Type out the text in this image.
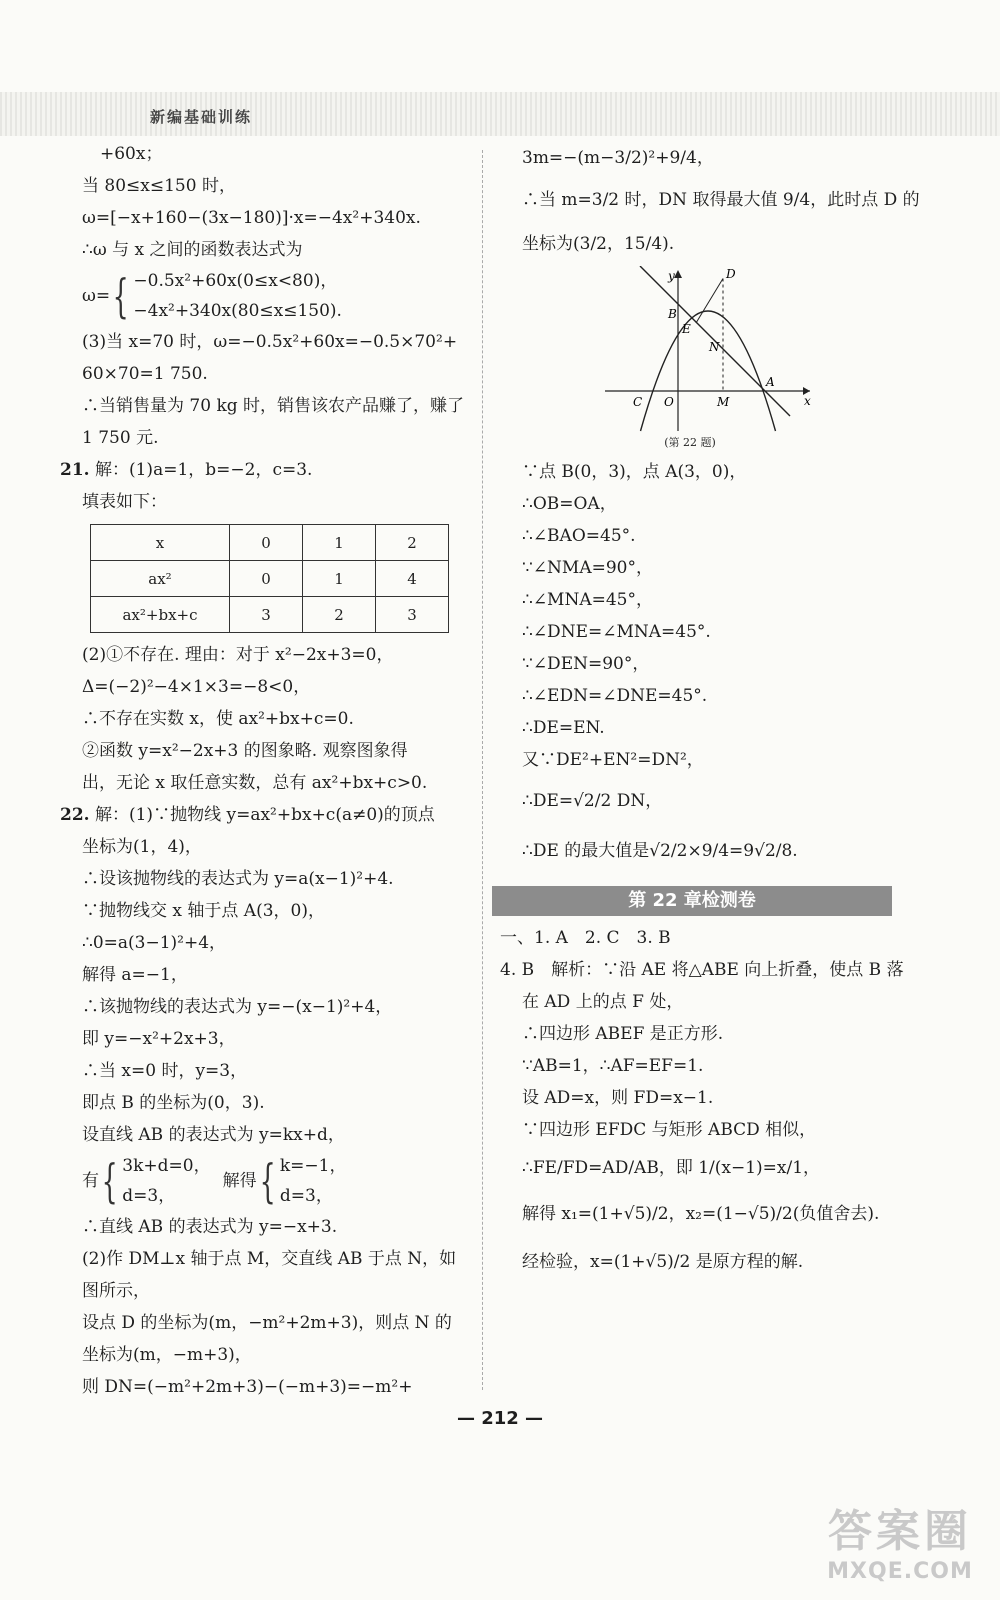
新编基础训练
+60x；
当 80≤x≤150 时，
ω=[−x+160−(3x−180)]·x=−4x²+340x.
∴ω 与 x 之间的函数表达式为
ω= { −0.5x²+60x(0≤x<80)，
−4x²+340x(80≤x≤150).
(3)当 x=70 时，ω=−0.5x²+60x=−0.5×70²+
60×70=1 750.
∴当销售量为 70 kg 时，销售该农产品赚了，赚了
1 750 元.
21. 解：(1)a=1，b=−2，c=3.
填表如下：
x	0	1	2
ax²	0	1	4
ax²+bx+c	3	2	3
(2)①不存在. 理由：对于 x²−2x+3=0，
Δ=(−2)²−4×1×3=−8<0，
∴不存在实数 x，使 ax²+bx+c=0.
②函数 y=x²−2x+3 的图象略. 观察图象得
出，无论 x 取任意实数，总有 ax²+bx+c>0.
22. 解：(1)∵抛物线 y=ax²+bx+c(a≠0)的顶点
坐标为(1，4)，
∴设该抛物线的表达式为 y=a(x−1)²+4.
∵抛物线交 x 轴于点 A(3，0)，
∴0=a(3−1)²+4，
解得 a=−1，
∴该抛物线的表达式为 y=−(x−1)²+4，
即 y=−x²+2x+3，
∴当 x=0 时，y=3，
即点 B 的坐标为(0，3).
设直线 AB 的表达式为 y=kx+d，
有 { 3k+d=0，
d=3，
解得 { k=−1，
d=3，
∴直线 AB 的表达式为 y=−x+3.
(2)作 DM⊥x 轴于点 M，交直线 AB 于点 N，如
图所示，
设点 D 的坐标为(m，−m²+2m+3)，则点 N 的
坐标为(m，−m+3)，
则 DN=(−m²+2m+3)−(−m+3)=−m²+
3m=−(m−3/2)²+9/4，
∴当 m=3/2 时，DN 取得最大值 9/4，此时点 D 的
坐标为(3/2，15/4).
y
x
D
B
E
N
C O	M
A
(第 22 题)
∵点 B(0，3)，点 A(3，0)，
∴OB=OA，
∴∠BAO=45°.
∵∠NMA=90°，
∴∠MNA=45°，
∴∠DNE=∠MNA=45°.
∵∠DEN=90°，
∴∠EDN=∠DNE=45°.
∴DE=EN.
又∵DE²+EN²=DN²，
∴DE=√2/2 DN，
∴DE 的最大值是√2/2×9/4=9√2/8.
第 22 章检测卷
一、1. A　2. C　3. B
4. B　解析：∵沿 AE 将△ABE 向上折叠，使点 B 落
在 AD 上的点 F 处，
∴四边形 ABEF 是正方形.
∵AB=1，∴AF=EF=1.
设 AD=x，则 FD=x−1.
∵四边形 EFDC 与矩形 ABCD 相似，
∴FE/FD=AD/AB，即 1/(x−1)=x/1，
解得 x₁=(1+√5)/2，x₂=(1−√5)/2(负值舍去).
经检验，x=(1+√5)/2 是原方程的解.
— 212 —
答案圈
MXQE.COM
